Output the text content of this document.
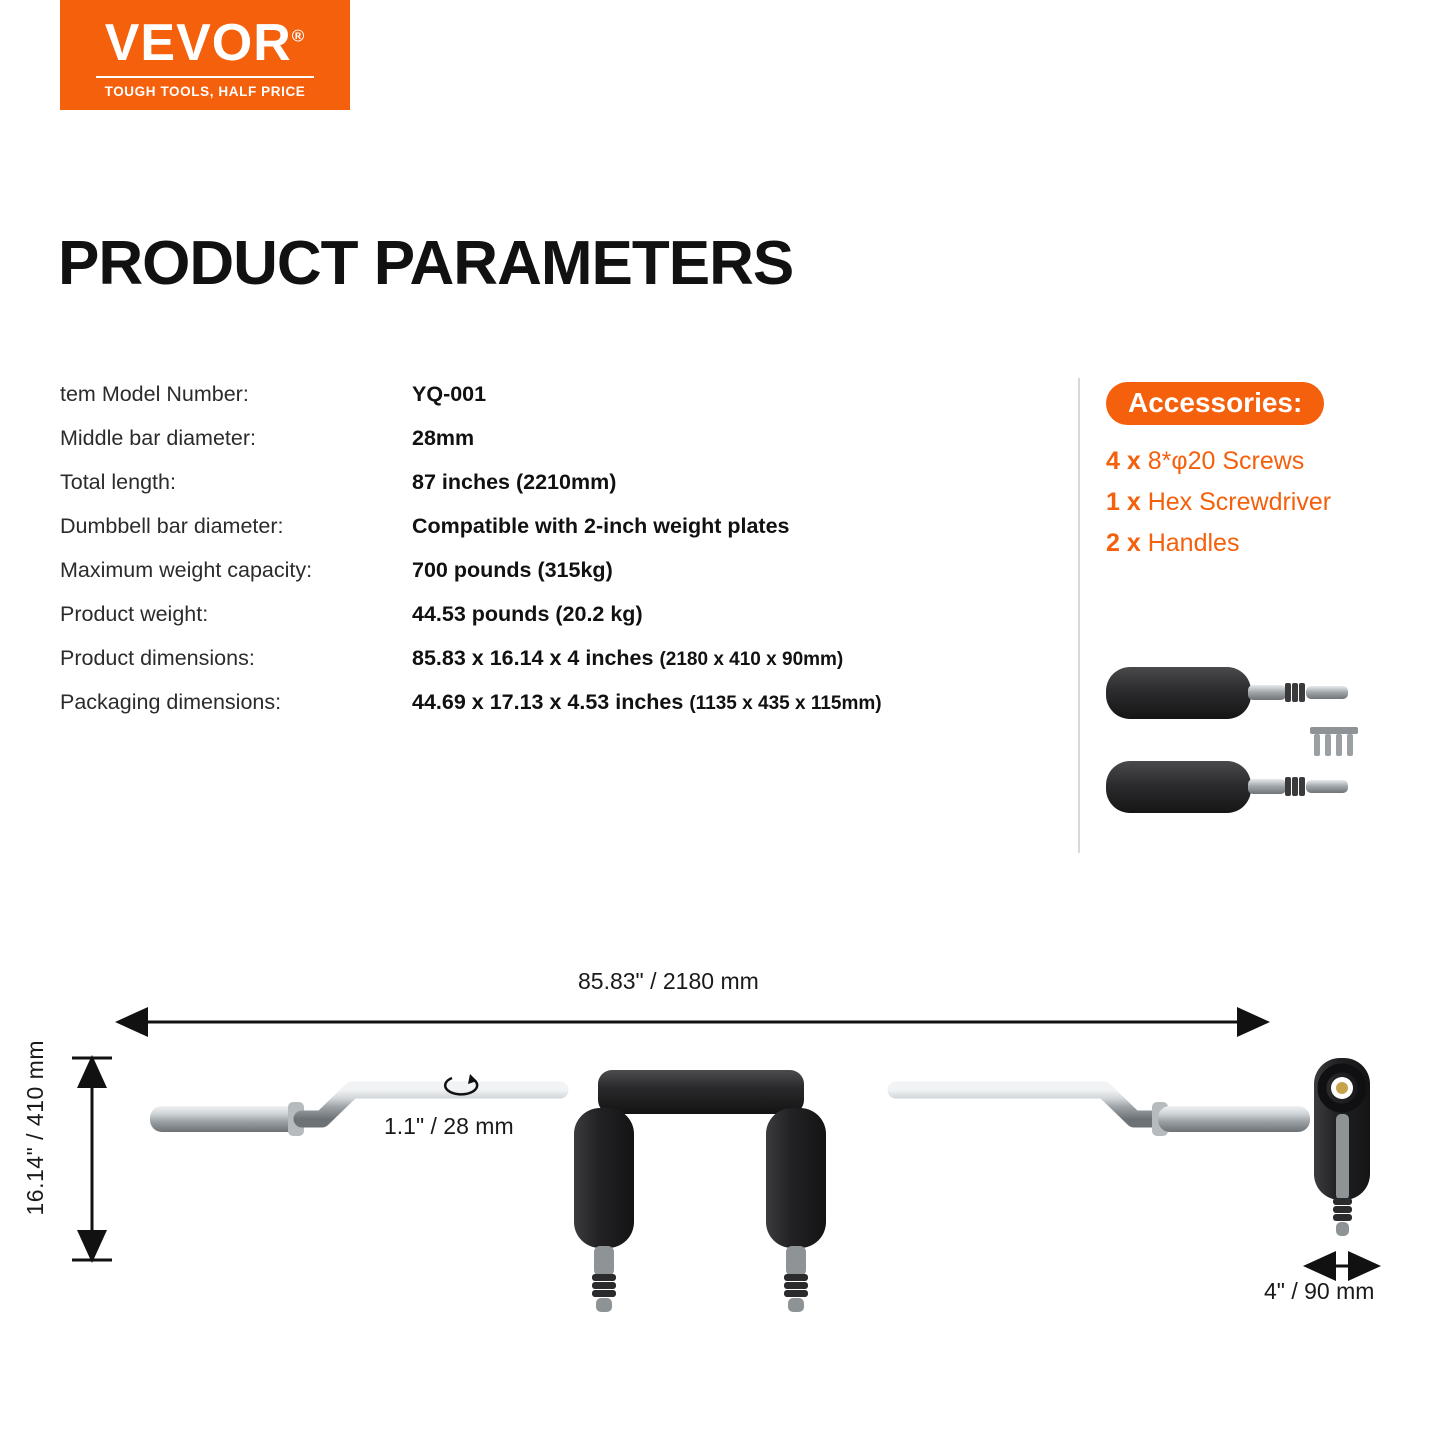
VEVOR®
TOUGH TOOLS, HALF PRICE
PRODUCT PARAMETERS
tem Model Number:	YQ-001
Middle bar diameter:	28mm
Total length:	87 inches (2210mm)
Dumbbell bar diameter:	Compatible with 2-inch weight plates
Maximum weight capacity:	700 pounds (315kg)
Product weight:	44.53 pounds (20.2 kg)
Product dimensions:	85.83 x 16.14 x 4 inches (2180 x 410 x 90mm)
Packaging dimensions:	44.69 x 17.13 x 4.53 inches (1135 x 435 x 115mm)
Accessories:
4 x 8*φ20 Screws
1 x Hex Screwdriver
2 x Handles
85.83" / 2180 mm
16.14" / 410 mm	1.1" / 28 mm
4" / 90 mm
